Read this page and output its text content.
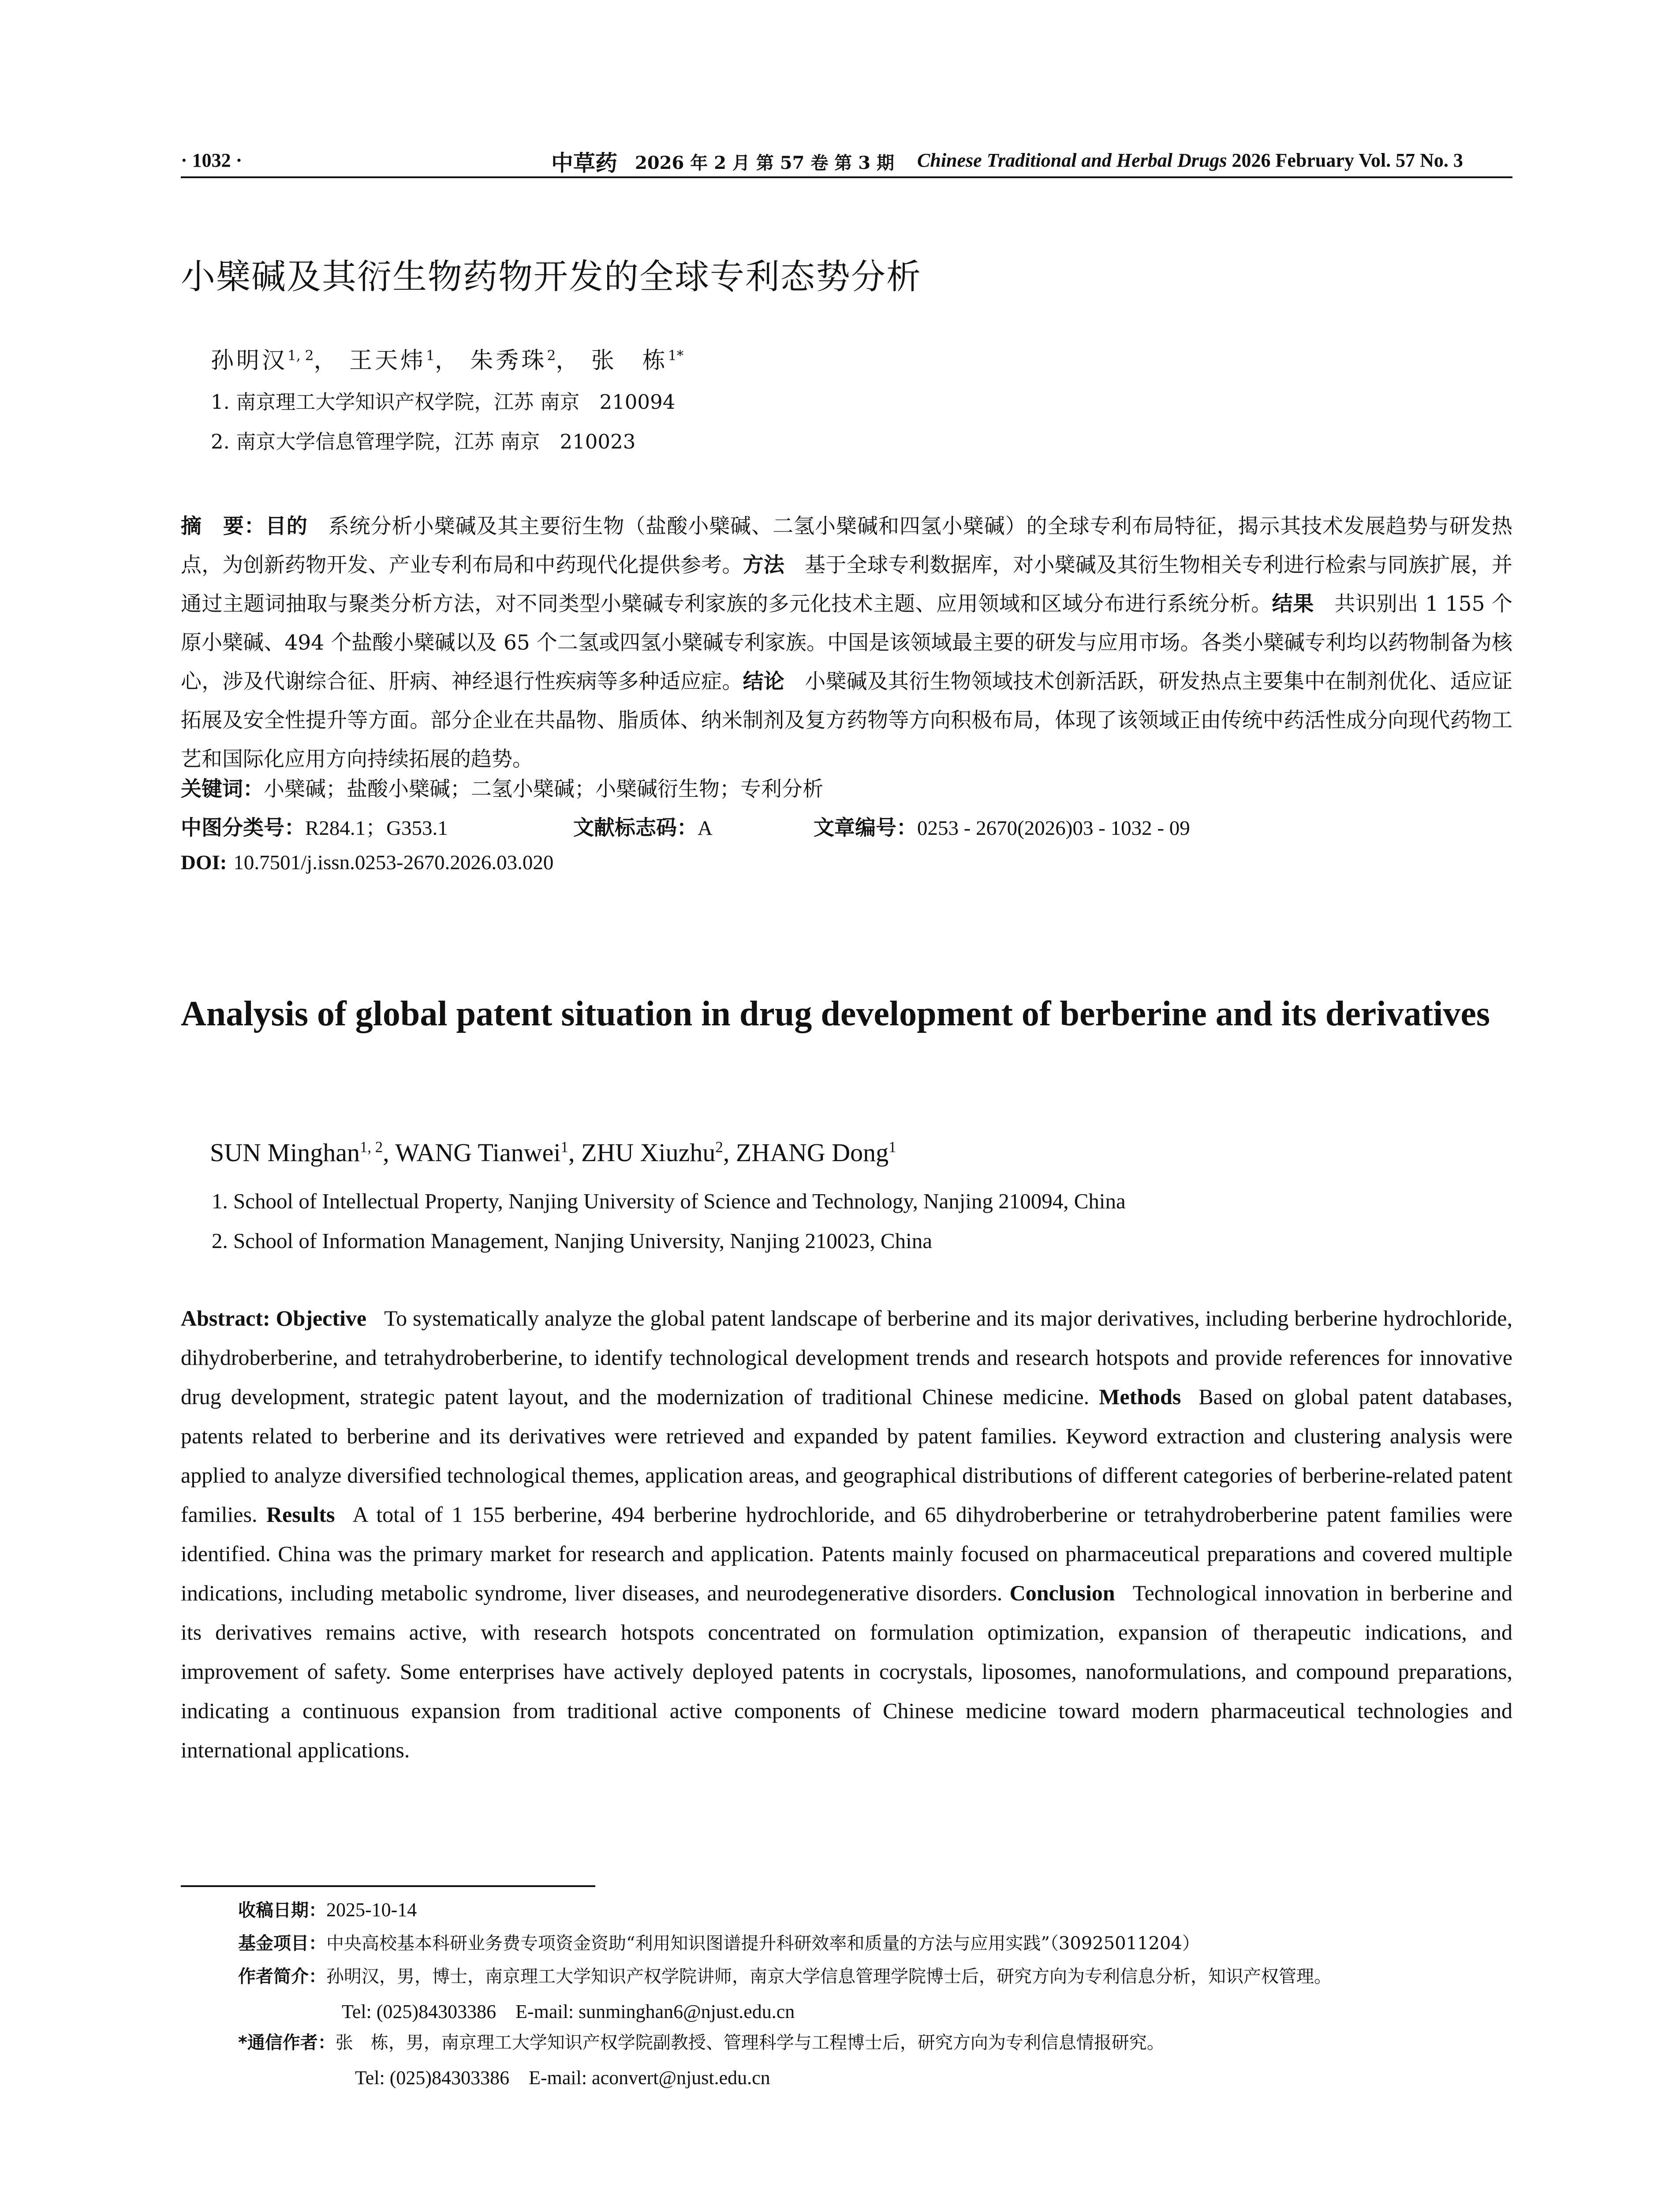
· 1032 ·	中草药 2026 年 2 月 第 57 卷 第 3 期 Chinese Traditional and Herbal Drugs 2026 February Vol. 57 No. 3
小檗碱及其衍生物药物开发的全球专利态势分析
孙明汉$^{1, 2}$， 王天炜$^1$， 朱秀珠$^2$， 张　栋$^{1*}$
1. 南京理工大学知识产权学院，江苏 南京　210094
2. 南京大学信息管理学院，江苏 南京　210023
摘　要：目的 系统分析小檗碱及其主要衍生物（盐酸小檗碱、二氢小檗碱和四氢小檗碱）的全球专利布局特征，揭示其技术发展趋势与研发热点，为创新药物开发、产业专利布局和中药现代化提供参考。方法 基于全球专利数据库，对小檗碱及其衍生物相关专利进行检索与同族扩展，并通过主题词抽取与聚类分析方法，对不同类型小檗碱专利家族的多元化技术主题、应用领域和区域分布进行系统分析。结果 共识别出 1 155 个原小檗碱、494 个盐酸小檗碱以及 65 个二氢或四氢小檗碱专利家族。中国是该领域最主要的研发与应用市场。各类小檗碱专利均以药物制备为核心，涉及代谢综合征、肝病、神经退行性疾病等多种适应症。结论 小檗碱及其衍生物领域技术创新活跃，研发热点主要集中在制剂优化、适应证拓展及安全性提升等方面。部分企业在共晶物、脂质体、纳米制剂及复方药物等方向积极布局，体现了该领域正由传统中药活性成分向现代药物工艺和国际化应用方向持续拓展的趋势。
关键词：小檗碱；盐酸小檗碱；二氢小檗碱；小檗碱衍生物；专利分析
中图分类号：R284.1；G353.1	文献标志码：A	文章编号：0253 - 2670(2026)03 - 1032 - 09
DOI: 10.7501/j.issn.0253-2670.2026.03.020
Analysis of global patent situation in drug development of berberine and its derivatives
SUN Minghan$^{1, 2}$, WANG Tianwei$^1$, ZHU Xiuzhu$^2$, ZHANG Dong$^1$
1. School of Intellectual Property, Nanjing University of Science and Technology, Nanjing 210094, China
2. School of Information Management, Nanjing University, Nanjing 210023, China
Abstract: Objective To systematically analyze the global patent landscape of berberine and its major derivatives, including berberine hydrochloride, dihydroberberine, and tetrahydroberberine, to identify technological development trends and research hotspots and provide references for innovative drug development, strategic patent layout, and the modernization of traditional Chinese medicine. Methods Based on global patent databases, patents related to berberine and its derivatives were retrieved and expanded by patent families. Keyword extraction and clustering analysis were applied to analyze diversified technological themes, application areas, and geographical distributions of different categories of berberine-related patent families. Results A total of 1 155 berberine, 494 berberine hydrochloride, and 65 dihydroberberine or tetrahydroberberine patent families were identified. China was the primary market for research and application. Patents mainly focused on pharmaceutical preparations and covered multiple indications, including metabolic syndrome, liver diseases, and neurodegenerative disorders. Conclusion Technological innovation in berberine and its derivatives remains active, with research hotspots concentrated on formulation optimization, expansion of therapeutic indications, and improvement of safety. Some enterprises have actively deployed patents in cocrystals, liposomes, nanoformulations, and compound preparations, indicating a continuous expansion from traditional active components of Chinese medicine toward modern pharmaceutical technologies and international applications.
收稿日期：2025-10-14
基金项目：中央高校基本科研业务费专项资金资助“利用知识图谱提升科研效率和质量的方法与应用实践”（30925011204）
作者简介：孙明汉，男，博士，南京理工大学知识产权学院讲师，南京大学信息管理学院博士后，研究方向为专利信息分析，知识产权管理。
Tel: (025)84303386　E-mail: sunminghan6@njust.edu.cn
*通信作者：张　栋，男，南京理工大学知识产权学院副教授、管理科学与工程博士后，研究方向为专利信息情报研究。
Tel: (025)84303386　E-mail: aconvert@njust.edu.cn
